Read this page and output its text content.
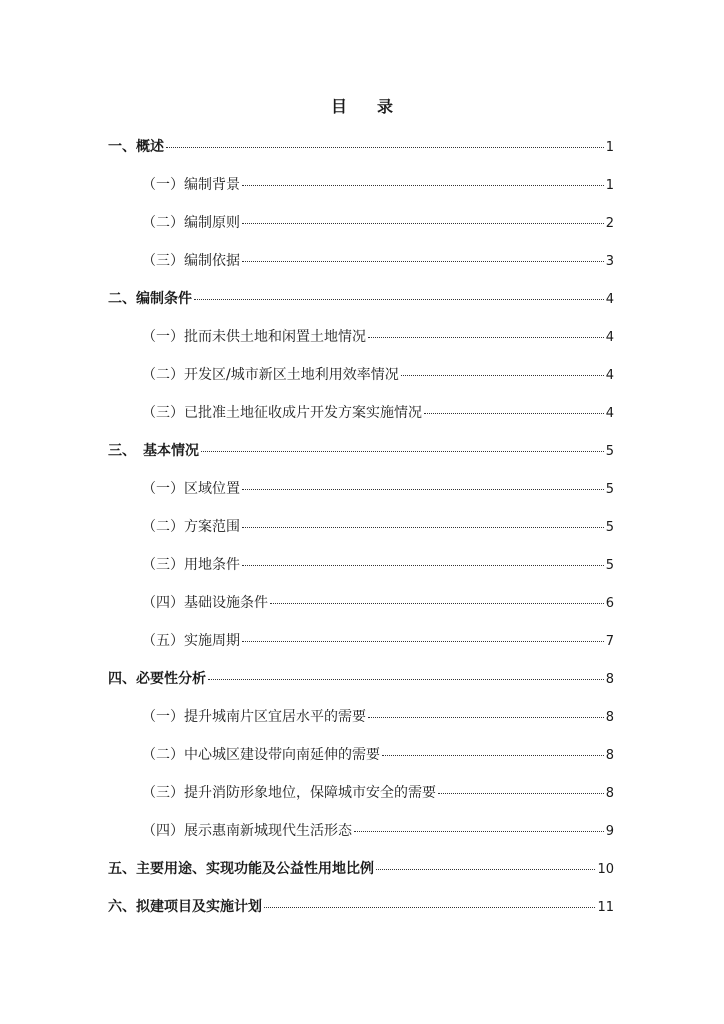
目 录
一、概述	1
（一）编制背景	1
（二）编制原则	2
（三）编制依据	3
二、编制条件	4
（一）批而未供土地和闲置土地情况	4
（二）开发区/城市新区土地利用效率情况	4
（三）已批准土地征收成片开发方案实施情况	4
三、　基本情况	5
（一）区域位置	5
（二）方案范围	5
（三）用地条件	5
（四）基础设施条件	6
（五）实施周期	7
四、必要性分析	8
（一）提升城南片区宜居水平的需要	8
（二）中心城区建设带向南延伸的需要	8
（三）提升消防形象地位，保障城市安全的需要	8
（四）展示惠南新城现代生活形态	9
五、主要用途、实现功能及公益性用地比例	10
六、拟建项目及实施计划	11
